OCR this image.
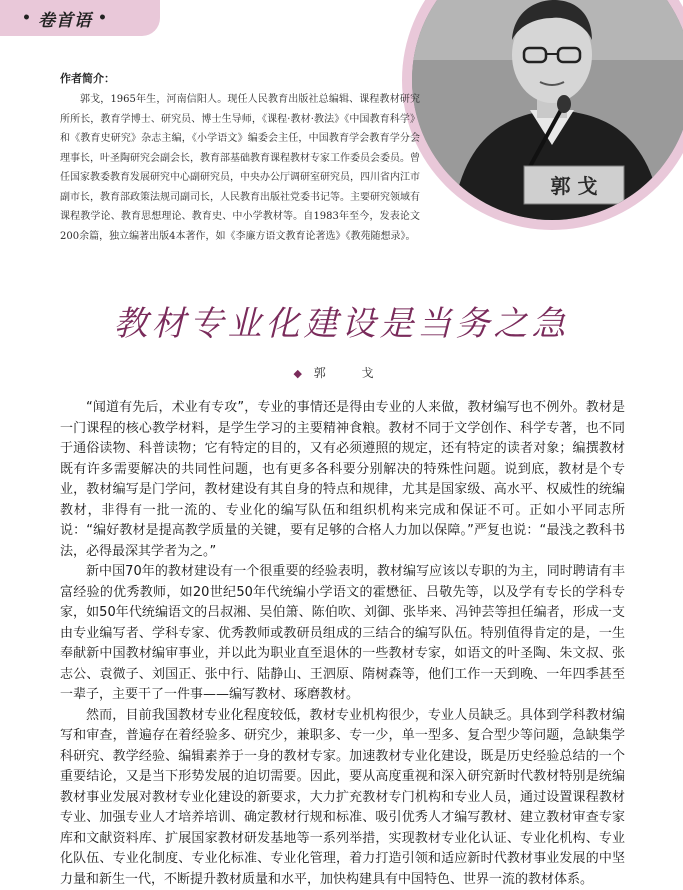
郭 戈
• 卷首语 •
作者简介：
郭戈，1965年生，河南信阳人。现任人民教育出版社总编辑、课程教材研究所所长，教育学博士、研究员、博士生导师，《课程·教材·教法》《中国教育科学》和《教育史研究》杂志主编，《小学语文》编委会主任，中国教育学会教育学分会理事长，叶圣陶研究会副会长，教育部基础教育课程教材专家工作委员会委员。曾任国家教委教育发展研究中心副研究员，中央办公厅调研室研究员，四川省内江市副市长，教育部政策法规司副司长，人民教育出版社党委书记等。主要研究领域有课程教学论、教育思想理论、教育史、中小学教材等。自1983年至今，发表论文200余篇，独立编著出版4本著作，如《李廉方语文教育论著选》《教苑随想录》。
教材专业化建设是当务之急
◆ 郭 戈

“闻道有先后，术业有专攻”，专业的事情还是得由专业的人来做，教材编写也不例外。教材是一门课程的核心教学材料，是学生学习的主要精神食粮。教材不同于文学创作、科学专著，也不同于通俗读物、科普读物；它有特定的目的，又有必须遵照的规定，还有特定的读者对象；编撰教材既有许多需要解决的共同性问题，也有更多各科要分别解决的特殊性问题。说到底，教材是个专业，教材编写是门学问，教材建设有其自身的特点和规律，尤其是国家级、高水平、权威性的统编教材，非得有一批一流的、专业化的编写队伍和组织机构来完成和保证不可。正如小平同志所说：“编好教材是提高教学质量的关键，要有足够的合格人力加以保障。”严复也说：“最浅之教科书法，必得最深其学者为之。”

新中国70年的教材建设有一个很重要的经验表明，教材编写应该以专职的为主，同时聘请有丰富经验的优秀教师，如20世纪50年代统编小学语文的霍懋征、吕敬先等，以及学有专长的学科专家，如50年代统编语文的吕叔湘、吴伯箫、陈伯吹、刘御、张毕来、冯钟芸等担任编者，形成一支由专业编写者、学科专家、优秀教师或教研员组成的三结合的编写队伍。特别值得肯定的是，一生奉献新中国教材编审事业，并以此为职业直至退休的一些教材专家，如语文的叶圣陶、朱文叔、张志公、袁微子、刘国正、张中行、陆静山、王泗原、隋树森等，他们工作一天到晚、一年四季甚至一辈子，主要干了一件事——编写教材、琢磨教材。

然而，目前我国教材专业化程度较低，教材专业机构很少，专业人员缺乏。具体到学科教材编写和审查，普遍存在着经验多、研究少，兼职多、专一少，单一型多、复合型少等问题，急缺集学科研究、教学经验、编辑素养于一身的教材专家。加速教材专业化建设，既是历史经验总结的一个重要结论，又是当下形势发展的迫切需要。因此，要从高度重视和深入研究新时代教材特别是统编教材事业发展对教材专业化建设的新要求，大力扩充教材专门机构和专业人员，通过设置课程教材专业、加强专业人才培养培训、确定教材行规和标准、吸引优秀人才编写教材、建立教材审查专家库和文献资料库、扩展国家教材研发基地等一系列举措，实现教材专业化认证、专业化机构、专业化队伍、专业化制度、专业化标准、专业化管理，着力打造引领和适应新时代教材事业发展的中坚力量和新生一代，不断提升教材质量和水平，加快构建具有中国特色、世界一流的教材体系。
